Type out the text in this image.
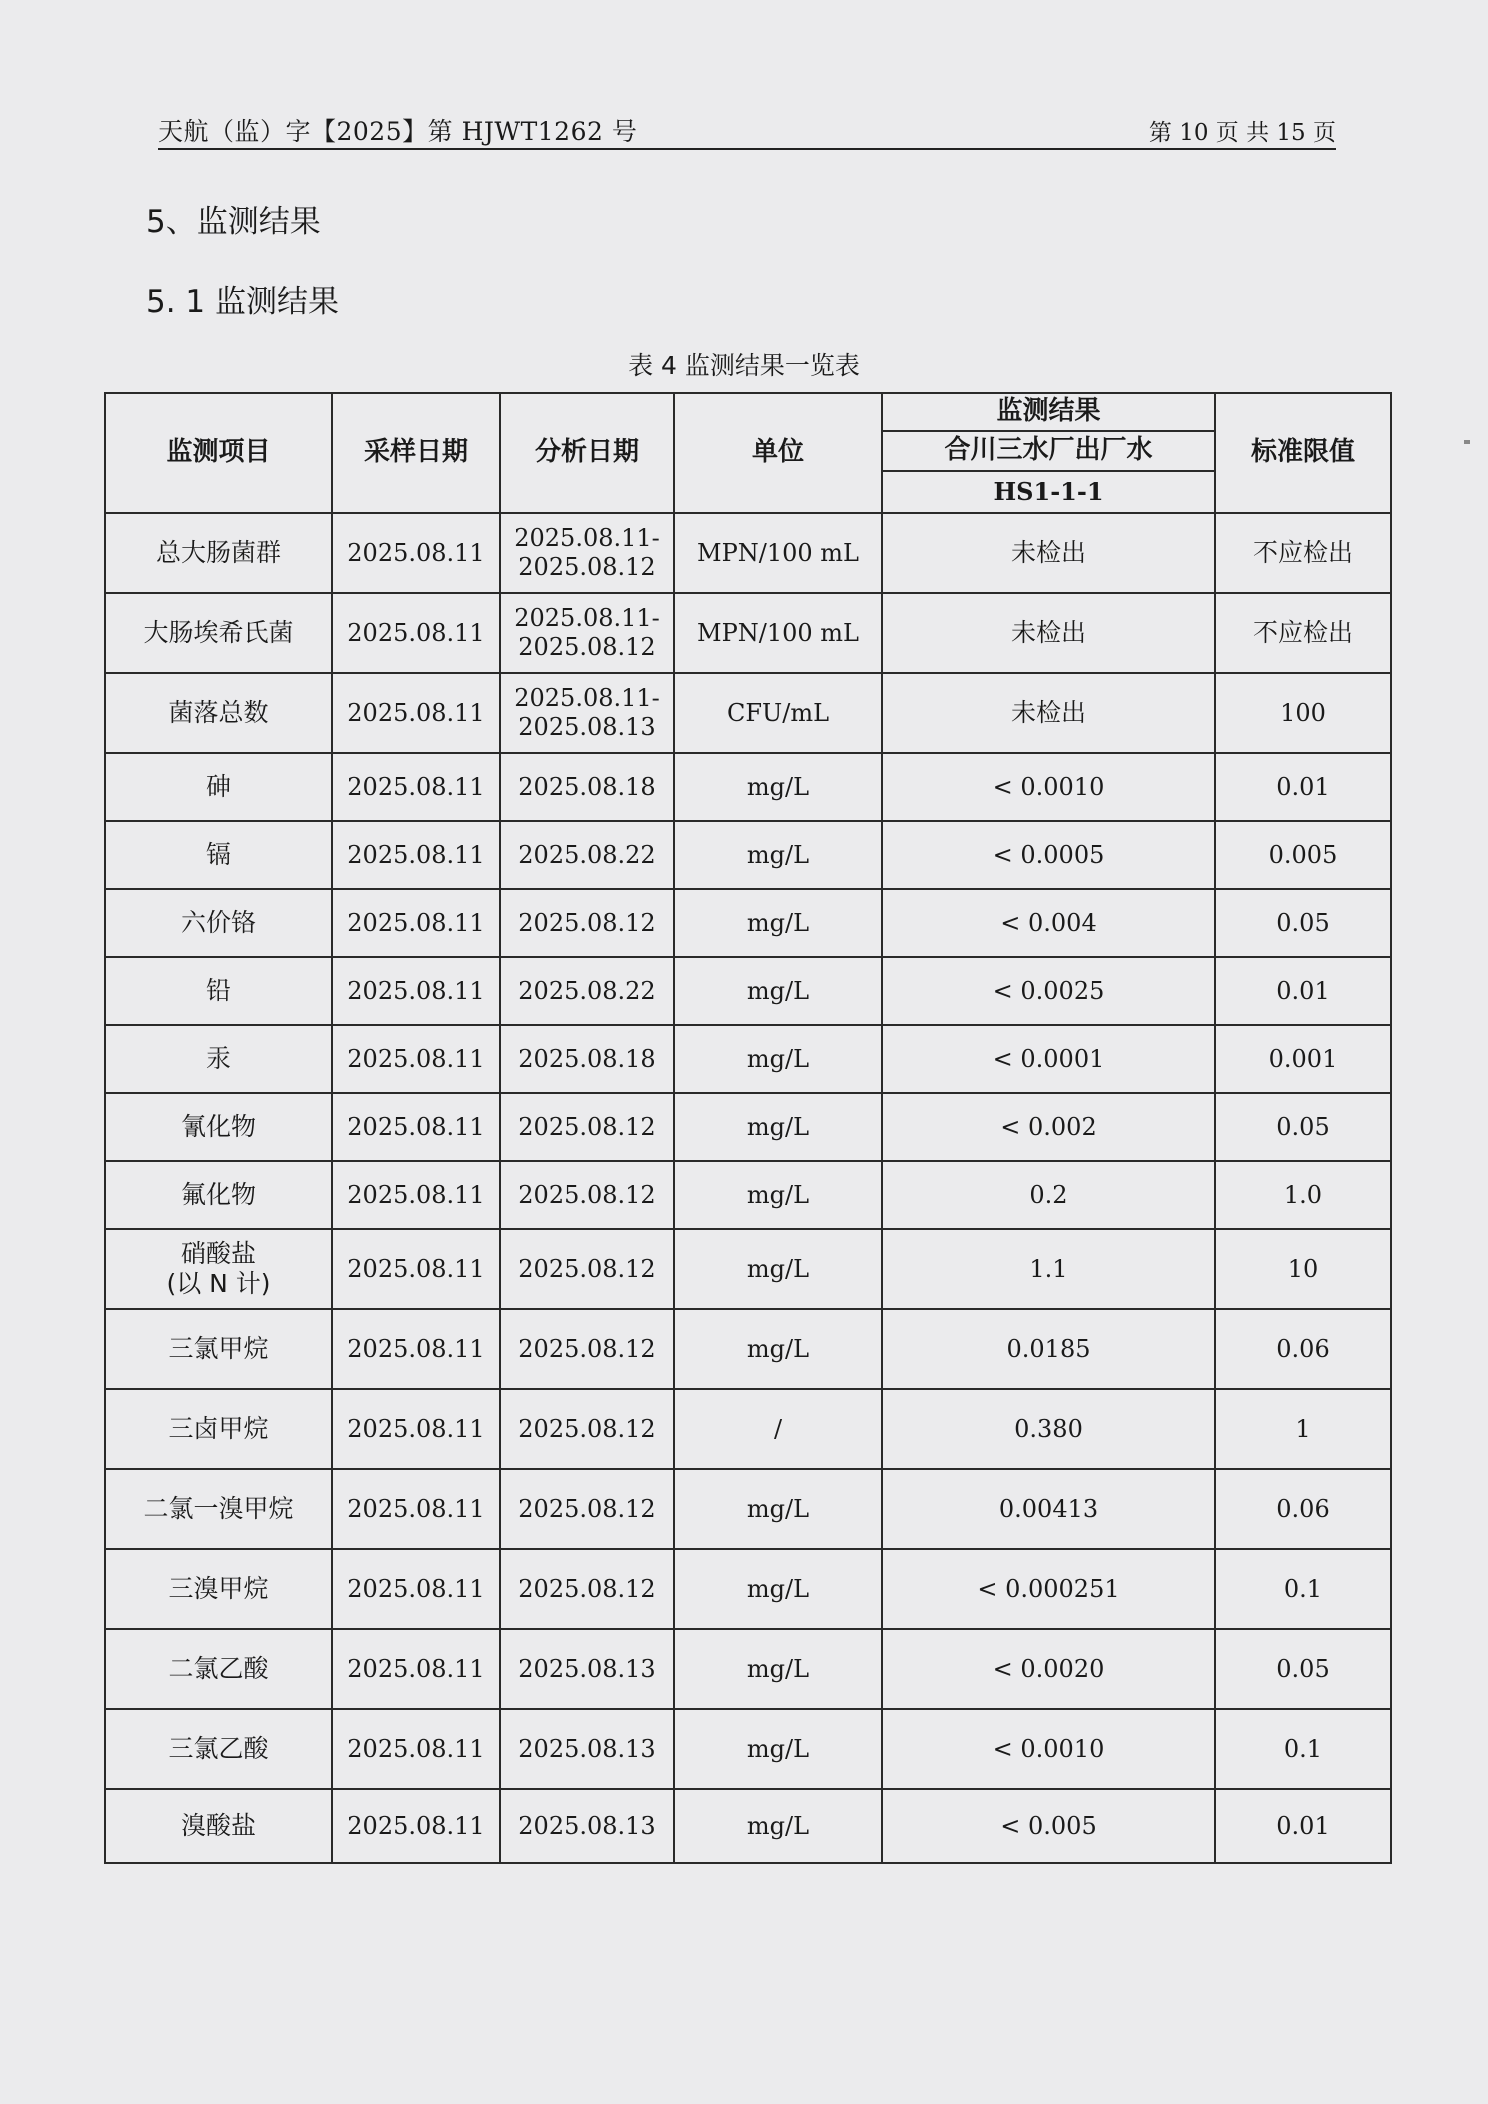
天航（监）字【2025】第 HJWT1262 号	第 10 页 共 15 页
5、监测结果
5. 1 监测结果
表 4 监测结果一览表
监测项目	采样日期	分析日期	单位	监测结果	标准限值
				合川三水厂出厂水	
				HS1-1-1	

总大肠菌群	2025.08.11	2025.08.11-
2025.08.12	MPN/100 mL	未检出	不应检出

大肠埃希氏菌	2025.08.11	2025.08.11-
2025.08.12	MPN/100 mL	未检出	不应检出

菌落总数	2025.08.11	2025.08.11-
2025.08.13	CFU/mL	未检出	100

砷	2025.08.11	2025.08.18	mg/L	< 0.0010	0.01

镉	2025.08.11	2025.08.22	mg/L	< 0.0005	0.005

六价铬	2025.08.11	2025.08.12	mg/L	< 0.004	0.05

铅	2025.08.11	2025.08.22	mg/L	< 0.0025	0.01

汞	2025.08.11	2025.08.18	mg/L	< 0.0001	0.001

氰化物	2025.08.11	2025.08.12	mg/L	< 0.002	0.05

氟化物	2025.08.11	2025.08.12	mg/L	0.2	1.0

硝酸盐
(以 N 计)	2025.08.11	2025.08.12	mg/L	1.1	10

三氯甲烷	2025.08.11	2025.08.12	mg/L	0.0185	0.06

三卤甲烷	2025.08.11	2025.08.12	/	0.380	1

二氯一溴甲烷	2025.08.11	2025.08.12	mg/L	0.00413	0.06

三溴甲烷	2025.08.11	2025.08.12	mg/L	< 0.000251	0.1

二氯乙酸	2025.08.11	2025.08.13	mg/L	< 0.0020	0.05

三氯乙酸	2025.08.11	2025.08.13	mg/L	< 0.0010	0.1

溴酸盐	2025.08.11	2025.08.13	mg/L	< 0.005	0.01
